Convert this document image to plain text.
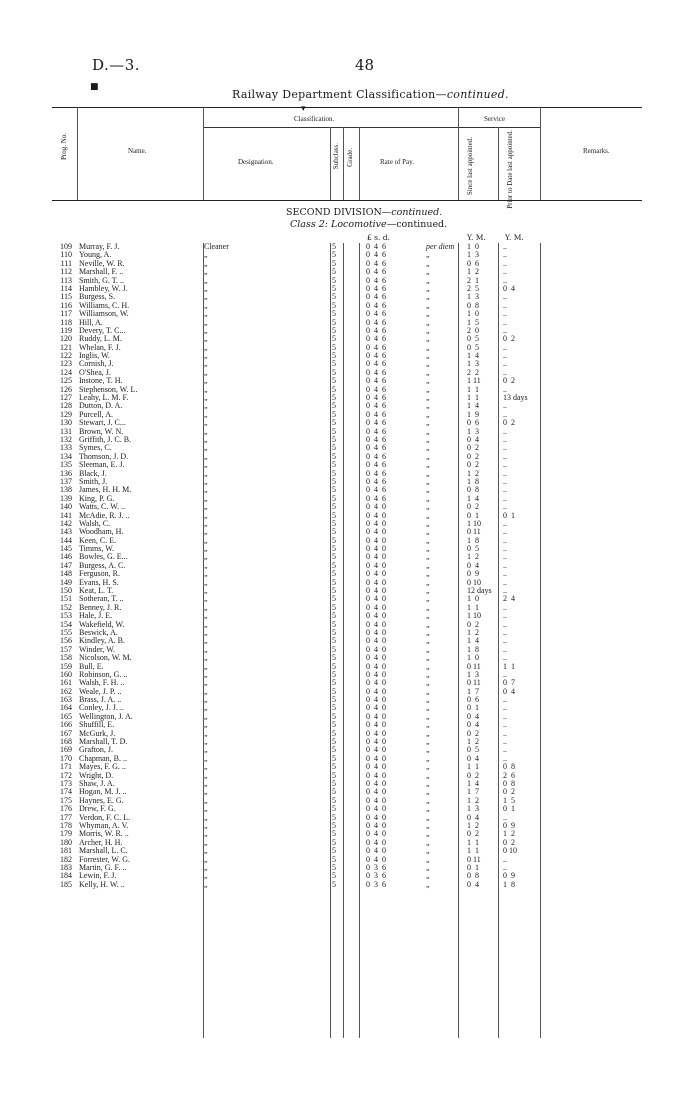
D.—3.	48
■
Railway Department Classification—continued.
▾
Prog. No.	Name.
Classification.
Designation.	Subclass. Grade.	Rate of Pay.
Service
Since last appointed.	Prior to Date last appointed.	Remarks.
SECOND DIVISION—continued.
Class 2: Locomotive—continued.
£ s. d.	Y. M.	Y. M.
109 Murray, F. J.	Cleaner	5	0  4  6	per diem 1  0	..
110 Young, A.	„	5	0  4  6	„	1  3	..
111 Neville, W. R.	„	5	0  4  6	„	0  6	..
112 Marshall, F. ..	„	5	0  4  6	„	1  2	..
113 Smith, G. T. ..	„	5	0  4  6	„	2  1	..
114 Hambley, W. J.	„	5	0  4  6	„	2  5	0  4
115 Burgess, S.	„	5	0  4  6	„	1  3	..
116 Williams, C. H.	„	5	0  4  6	„	0  8	..
117 Williamson, W.	„	5	0  4  6	„	1  0	..
118 Hill, A.	„	5	0  4  6	„	1  5	..
119 Devery, T. C...	„	5	0  4  6	„	2  0	..
120 Ruddy, L. M.	„	5	0  4  6	„	0  5	0  2
121 Whelan, F. J.	„	5	0  4  6	„	0  5	..
122 Inglis, W.	„	5	0  4  6	„	1  4	..
123 Cornish, J.	„	5	0  4  6	„	1  3	..
124 O'Shea, J.	„	5	0  4  6	„	2  2	..
125 Instone, T. H.	„	5	0  4  6	„	1 11	0  2
126 Stephenson, W. L.	„	5	0  4  6	„	1  1	..
127 Leahy, L. M. F.	„	5	0  4  6	„	1  1	13 days
128 Dutton, D. A.	„	5	0  4  6	„	1  4	..
129 Purcell, A.	„	5	0  4  6	„	1  9	..
130 Stewart, J. C...	„	5	0  4  6	„	0  6	0  2
131 Brown, W. N.	„	5	0  4  6	„	1  3	..
132 Griffith, J. C. B.	„	5	0  4  6	„	0  4	..
133 Symes, C.	„	5	0  4  6	„	0  2	..
134 Thomson, J. D.	„	5	0  4  6	„	0  2	..
135 Sleeman, E. J.	„	5	0  4  6	„	0  2	..
136 Black, J.	„	5	0  4  6	„	1  2	..
137 Smith, J.	„	5	0  4  6	„	1  8	..
138 James, H. H. M.	„	5	0  4  6	„	0  8	..
139 King, P. G.	„	5	0  4  6	„	1  4	..
140 Watts, C. W. ..	„	5	0  4  0	„	0  2	..
141 McAdie, R. J. ..	„	5	0  4  0	„	0  1	0  1
142 Walsh, C.	„	5	0  4  0	„	1 10	..
143 Woodham, H.	„	5	0  4  0	„	0 11	..
144 Keen, C. E.	„	5	0  4  0	„	1  8	..
145 Timms, W.	„	5	0  4  0	„	0  5	..
146 Bowles, G. E...	„	5	0  4  0	„	1  2	..
147 Burgess, A. C.	„	5	0  4  0	„	0  4	..
148 Ferguson, R.	„	5	0  4  0	„	0  9	..
149 Evans, H. S.	„	5	0  4  0	„	0 10	..
150 Keat, L. T.	„	5	0  4  0	„	12 days ..
151 Sotheran, T. ..	„	5	0  4  0	„	1  0	2  4
152 Benney, J. R.	„	5	0  4  0	„	1  1	..
153 Hale, J. E.	„	5	0  4  0	„	1 10	..
154 Wakefield, W.	„	5	0  4  0	„	0  2	..
155 Beswick, A.	„	5	0  4  0	„	1  2	..
156 Kindley, A. B.	„	5	0  4  0	„	1  4	..
157 Winder, W.	„	5	0  4  0	„	1  8	..
158 Nicolson, W. M.	„	5	0  4  0	„	1  0	..
159 Bull, E.	„	5	0  4  0	„	0 11	1  1
160 Robinson, G. ..	„	5	0  4  0	„	1  3	..
161 Walsh, F. H. ..	„	5	0  4  0	„	0 11	0  7
162 Weale, J. P. ..	„	5	0  4  0	„	1  7	0  4
163 Brass, J. A. ..	„	5	0  4  0	„	0  6	..
164 Conley, J. J. ..	„	5	0  4  0	„	0  1	..
165 Wellington, J. A.	„	5	0  4  0	„	0  4	..
166 Shuffill, E.	„	5	0  4  0	„	0  4	..
167 McGurk, J.	„	5	0  4  0	„	0  2	..
168 Marshall, T. D.	„	5	0  4  0	„	1  2	..
169 Grafton, J.	„	5	0  4  0	„	0  5	..
170 Chapman, B. ..	„	5	0  4  0	„	0  4	..
171 Mayes, F. G. ..	„	5	0  4  0	„	1  1	0  8
172 Wright, D.	„	5	0  4  0	„	0  2	2  6
173 Shaw, J. A.	„	5	0  4  0	„	1  4	0  8
174 Hogan, M. J. ..	„	5	0  4  0	„	1  7	0  2
175 Haynes, E. G.	„	5	0  4  0	„	1  2	1  5
176 Drew, F. G.	„	5	0  4  0	„	1  3	0  1
177 Verdon, F. C. L.	„	5	0  4  0	„	0  4	..
178 Whyman, A. V.	„	5	0  4  0	„	1  2	0  9
179 Morris, W. R. ..	„	5	0  4  0	„	0  2	1  2
180 Archer, H. H.	„	5	0  4  0	„	1  1	0  2
181 Marshall, L. C.	„	5	0  4  0	„	1  1	0 10
182 Forrester, W. G.	„	5	0  4  0	„	0 11	..
183 Martin, G. F. ..	„	5	0  3  6	„	0  1	..
184 Lewin, F. J.	„	5	0  3  6	„	0  8	0  9
185 Kelly, H. W. ..	„	5	0  3  6	„	0  4	1  8
